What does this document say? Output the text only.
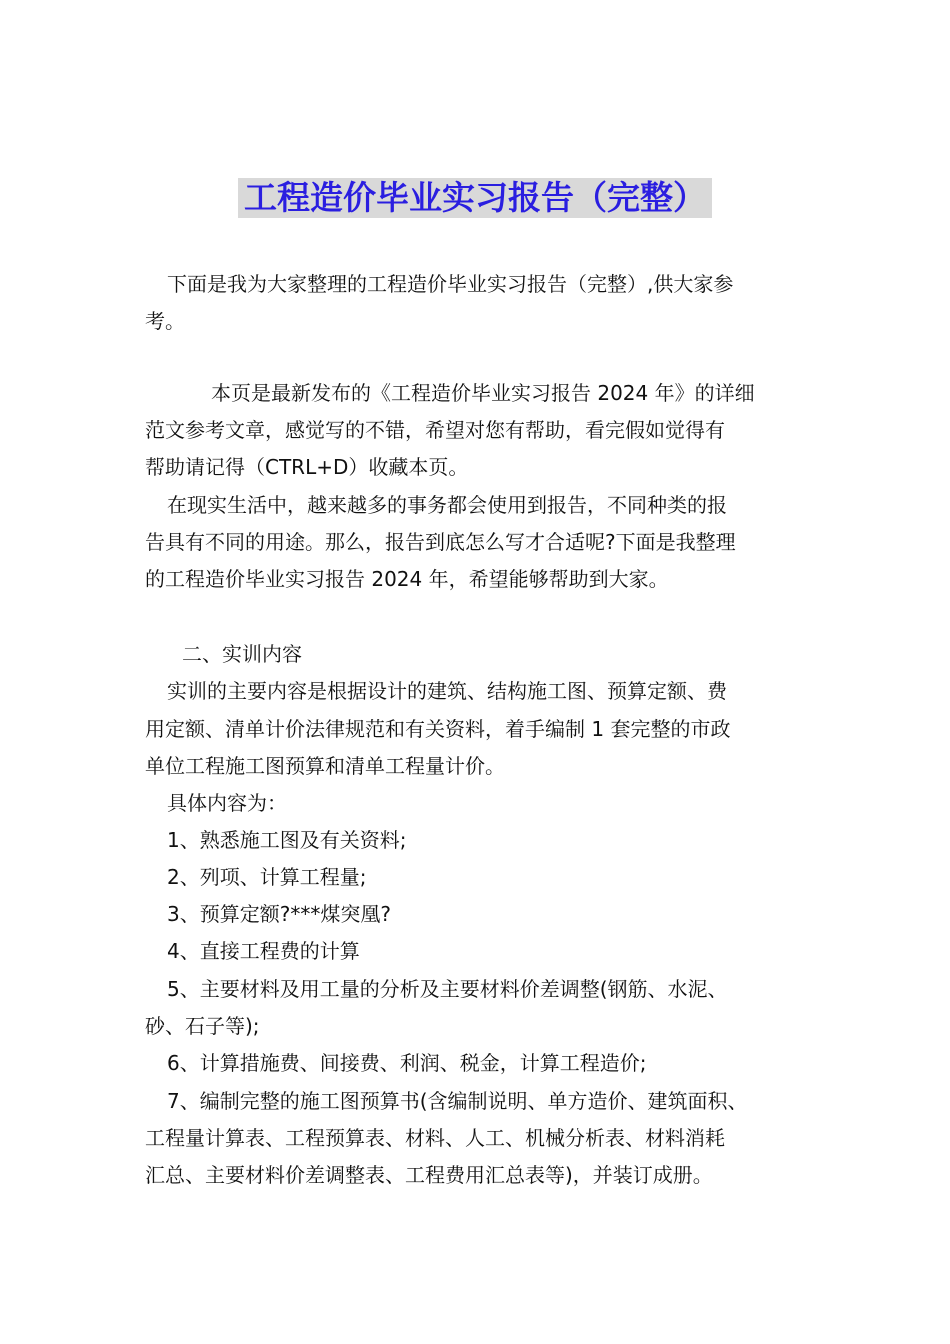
工程造价毕业实习报告（完整）
下面是我为大家整理的工程造价毕业实习报告（完整）,供大家参
考。
本页是最新发布的《工程造价毕业实习报告 2024 年》的详细
范文参考文章，感觉写的不错，希望对您有帮助，看完假如觉得有
帮助请记得（CTRL+D）收藏本页。
在现实生活中，越来越多的事务都会使用到报告，不同种类的报
告具有不同的用途。那么，报告到底怎么写才合适呢?下面是我整理
的工程造价毕业实习报告 2024 年，希望能够帮助到大家。
二、实训内容
实训的主要内容是根据设计的建筑、结构施工图、预算定额、费
用定额、清单计价法律规范和有关资料，着手编制 1 套完整的市政
单位工程施工图预算和清单工程量计价。
具体内容为：
1、熟悉施工图及有关资料;
2、列项、计算工程量;
3、预算定额?***煤突凰?
4、直接工程费的计算
5、主要材料及用工量的分析及主要材料价差调整(钢筋、水泥、
砂、石子等);
6、计算措施费、间接费、利润、税金，计算工程造价;
7、编制完整的施工图预算书(含编制说明、单方造价、建筑面积、
工程量计算表、工程预算表、材料、人工、机械分析表、材料消耗
汇总、主要材料价差调整表、工程费用汇总表等)，并装订成册。
